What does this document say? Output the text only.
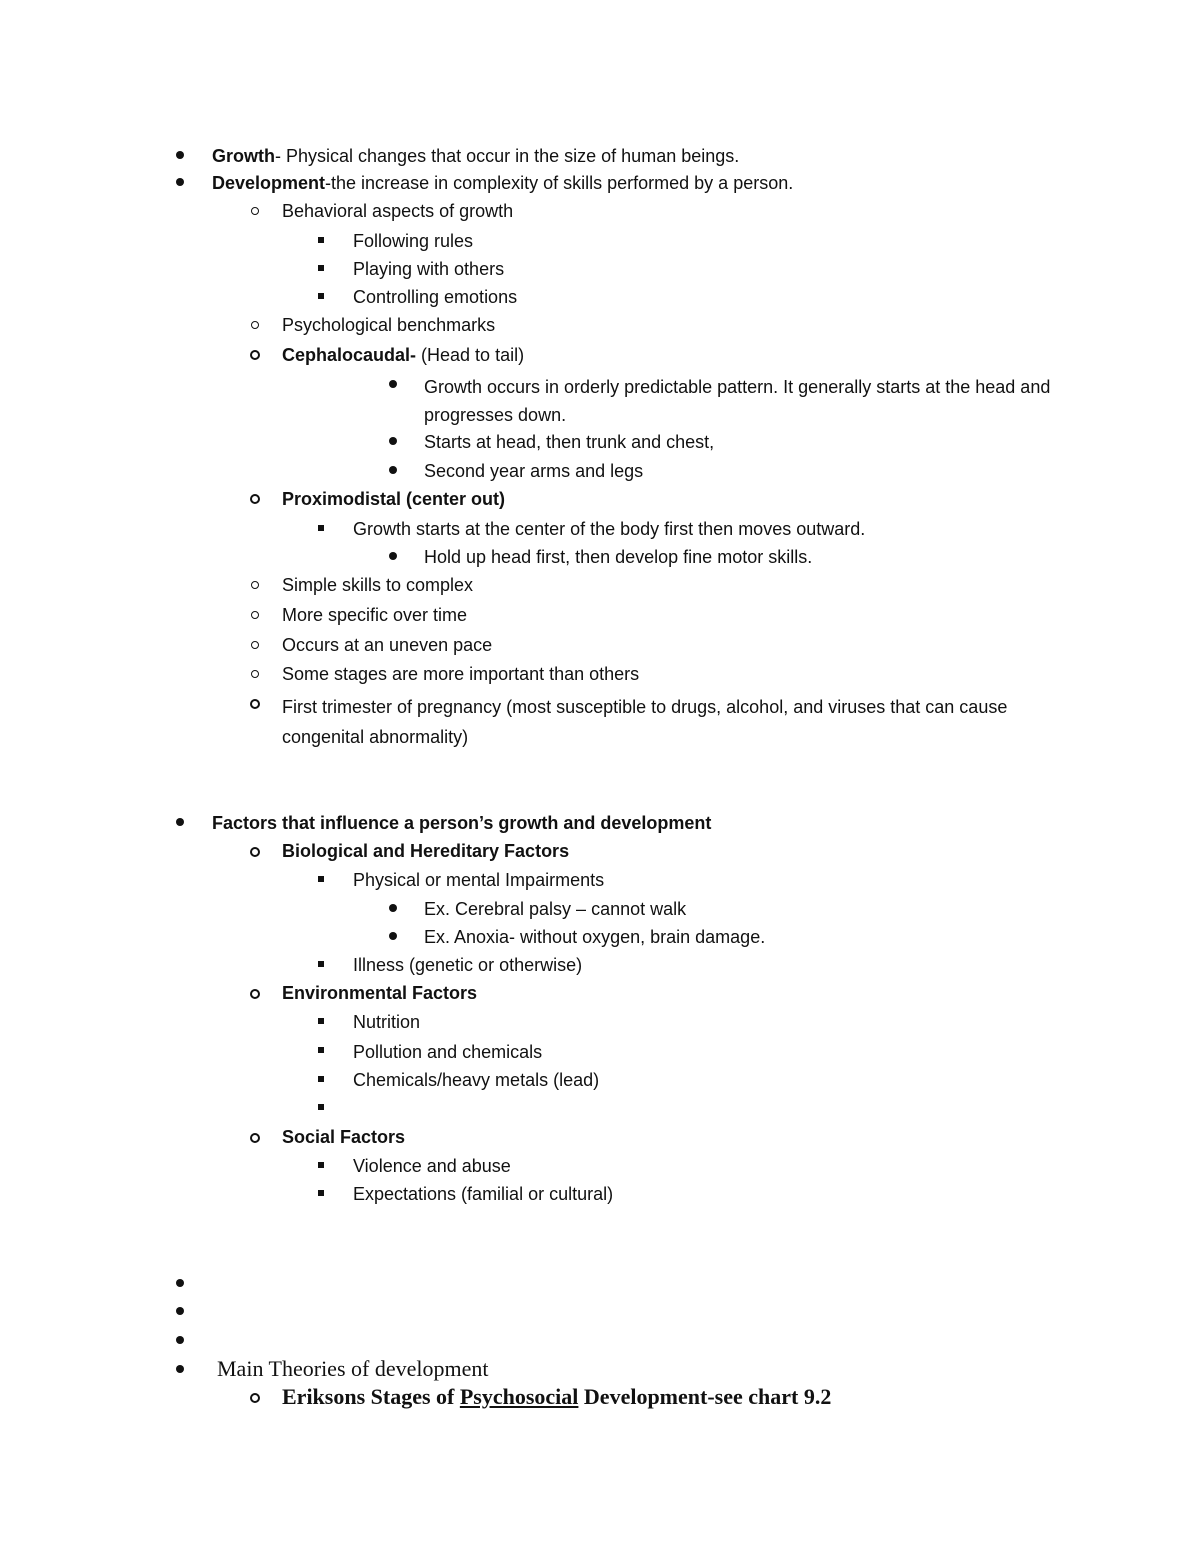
Growth- Physical changes that occur in the size of human beings.
Development-the increase in complexity of skills performed by a person.
Behavioral aspects of growth
Following rules
Playing with others
Controlling emotions
Psychological benchmarks
Cephalocaudal- (Head to tail)
Growth occurs in orderly predictable pattern. It generally starts at the head and progresses down.
Starts at head, then trunk and chest,
Second year arms and legs
Proximodistal (center out)
Growth starts at the center of the body first then moves outward.
Hold up head first, then develop fine motor skills.
Simple skills to complex
More specific over time
Occurs at an uneven pace
Some stages are more important than others
First trimester of pregnancy (most susceptible to drugs, alcohol, and viruses that can cause congenital abnormality)
Factors that influence a person’s growth and development
Biological and Hereditary Factors
Physical or mental Impairments
Ex. Cerebral palsy – cannot walk
Ex. Anoxia- without oxygen, brain damage.
Illness (genetic or otherwise)
Environmental Factors
Nutrition
Pollution and chemicals
Chemicals/heavy metals (lead)
Social Factors
Violence and abuse
Expectations (familial or cultural)
Main Theories of development
Eriksons Stages of Psychosocial Development-see chart 9.2
